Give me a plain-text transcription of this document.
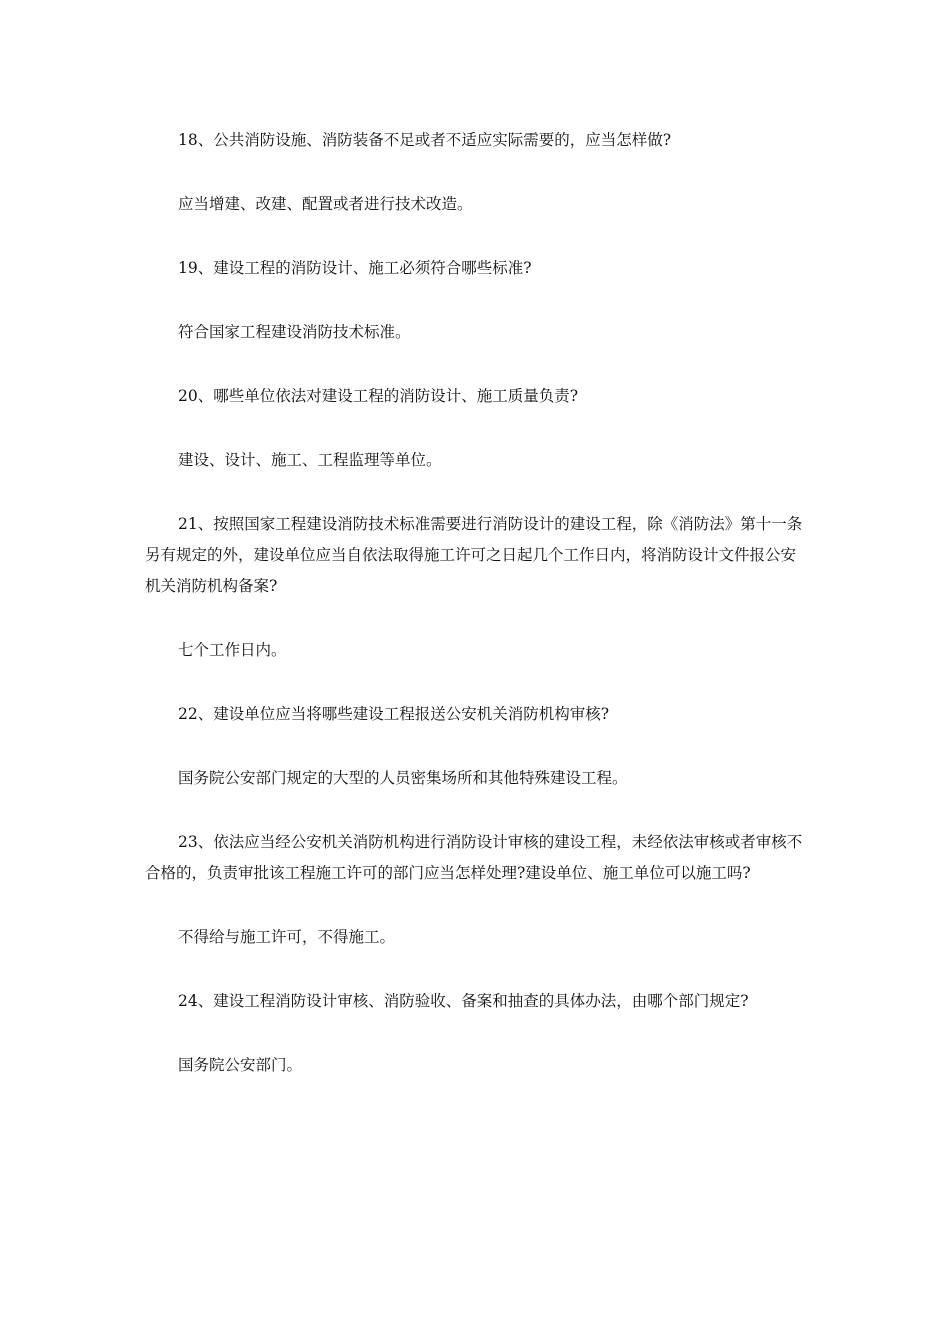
18、公共消防设施、消防装备不足或者不适应实际需要的，应当怎样做?

应当增建、改建、配置或者进行技术改造。

19、建设工程的消防设计、施工必须符合哪些标准?

符合国家工程建设消防技术标准。

20、哪些单位依法对建设工程的消防设计、施工质量负责?

建设、设计、施工、工程监理等单位。

21、按照国家工程建设消防技术标准需要进行消防设计的建设工程，除《消防法》第十一条另有规定的外，建设单位应当自依法取得施工许可之日起几个工作日内，将消防设计文件报公安机关消防机构备案?

七个工作日内。

22、建设单位应当将哪些建设工程报送公安机关消防机构审核?

国务院公安部门规定的大型的人员密集场所和其他特殊建设工程。

23、依法应当经公安机关消防机构进行消防设计审核的建设工程，未经依法审核或者审核不合格的，负责审批该工程施工许可的部门应当怎样处理?建设单位、施工单位可以施工吗?

不得给与施工许可，不得施工。

24、建设工程消防设计审核、消防验收、备案和抽查的具体办法，由哪个部门规定?

国务院公安部门。
